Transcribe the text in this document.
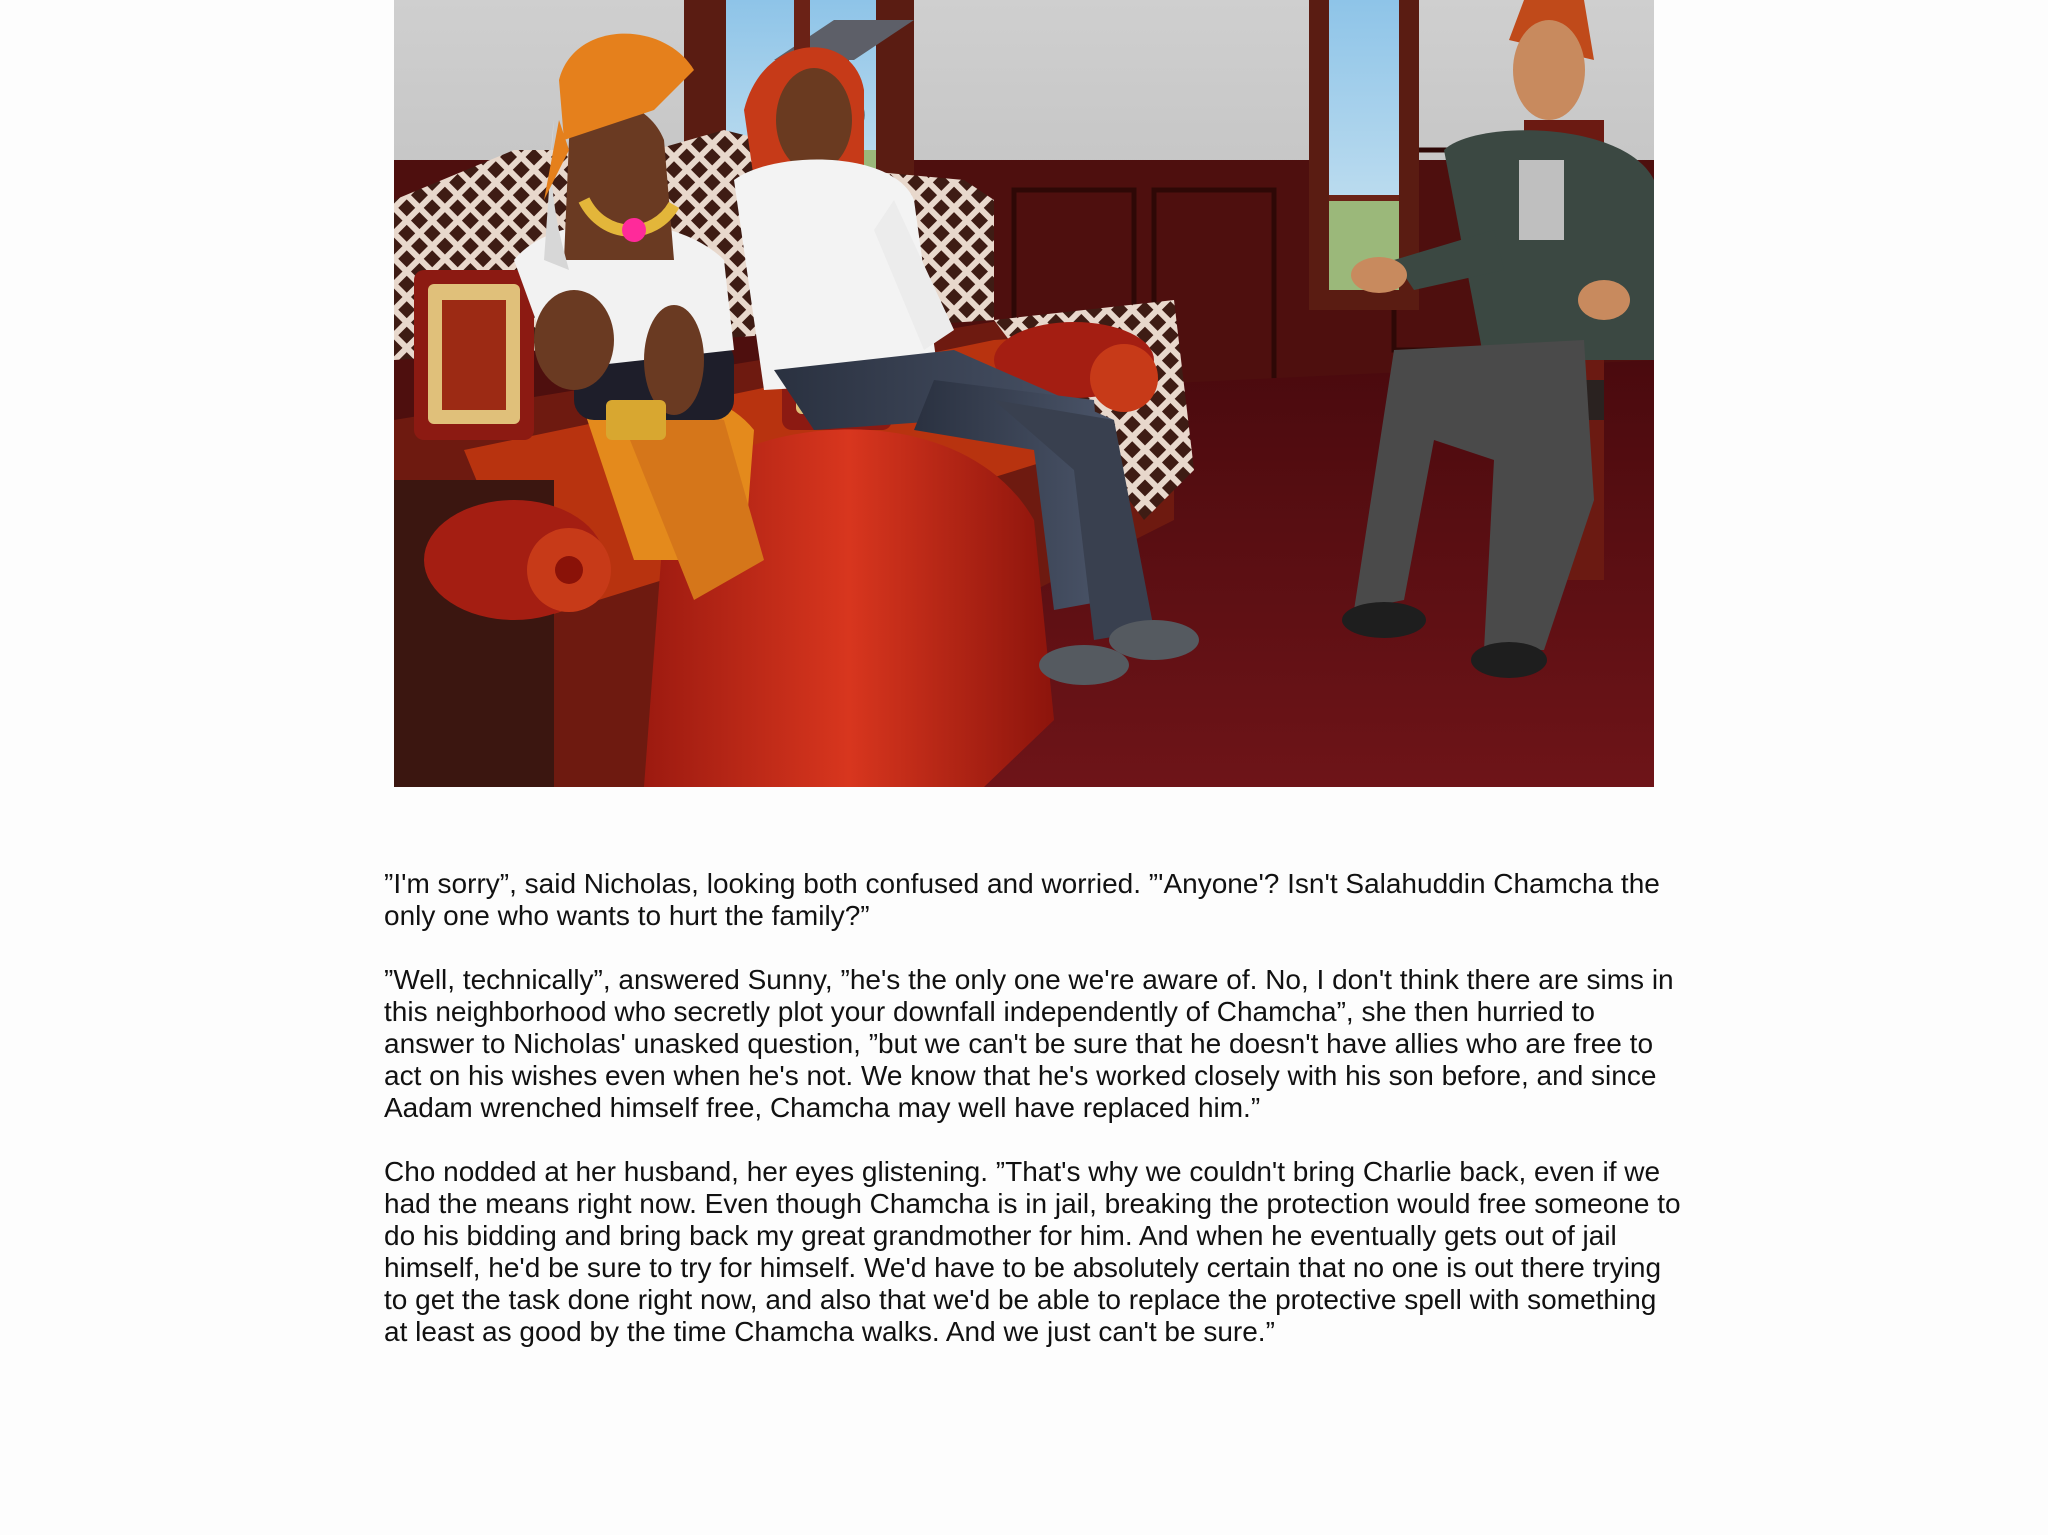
”I'm sorry”, said Nicholas, looking both confused and worried. ”'Anyone'? Isn't Salahuddin Chamcha the only one who wants to hurt the family?”

”Well, technically”, answered Sunny, ”he's the only one we're aware of. No, I don't think there are sims in this neighborhood who secretly plot your downfall independently of Chamcha”, she then hurried to answer to Nicholas' unasked question, ”but we can't be sure that he doesn't have allies who are free to act on his wishes even when he's not. We know that he's worked closely with his son before, and since Aadam wrenched himself free, Chamcha may well have replaced him.”

Cho nodded at her husband, her eyes glistening. ”That's why we couldn't bring Charlie back, even if we had the means right now. Even though Chamcha is in jail, breaking the protection would free someone to do his bidding and bring back my great grandmother for him. And when he eventually gets out of jail himself, he'd be sure to try for himself. We'd have to be absolutely certain that no one is out there trying to get the task done right now, and also that we'd be able to replace the protective spell with something at least as good by the time Chamcha walks. And we just can't be sure.”
